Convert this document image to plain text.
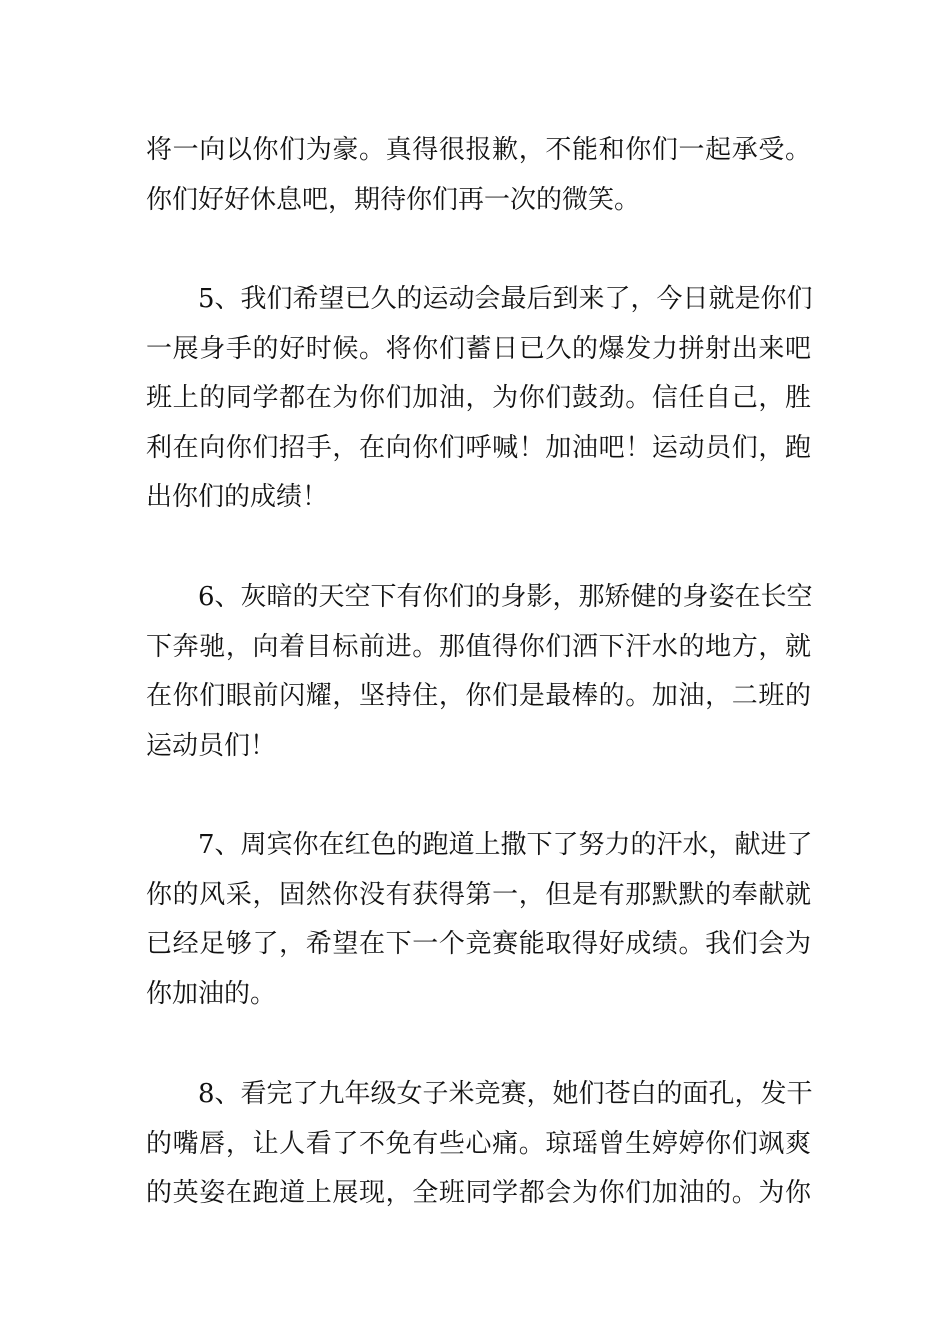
将一向以你们为豪。真得很报歉，不能和你们一起承受。
你们好好休息吧，期待你们再一次的微笑。
　　5、我们希望已久的运动会最后到来了，今日就是你们
一展身手的好时候。将你们蓄日已久的爆发力拼射出来吧
班上的同学都在为你们加油，为你们鼓劲。信任自己，胜
利在向你们招手，在向你们呼喊！加油吧！运动员们，跑
出你们的成绩！
　　6、灰暗的天空下有你们的身影，那矫健的身姿在长空
下奔驰，向着目标前进。那值得你们洒下汗水的地方，就
在你们眼前闪耀，坚持住，你们是最棒的。加油，二班的
运动员们！
　　7、周宾你在红色的跑道上撒下了努力的汗水，献进了
你的风采，固然你没有获得第一，但是有那默默的奉献就
已经足够了，希望在下一个竞赛能取得好成绩。我们会为
你加油的。
　　8、看完了九年级女子米竞赛，她们苍白的面孔，发干
的嘴唇，让人看了不免有些心痛。琼瑶曾生婷婷你们飒爽
的英姿在跑道上展现，全班同学都会为你们加油的。为你
